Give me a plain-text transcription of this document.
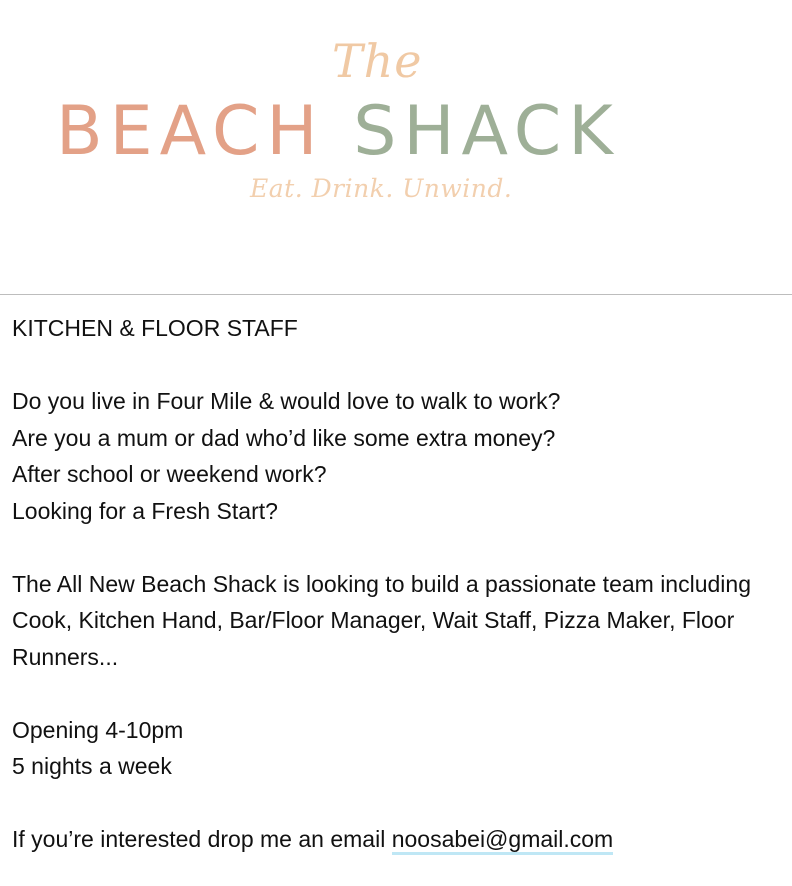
The
BEACH SHACK
Eat. Drink. Unwind.

KITCHEN & FLOOR STAFF

Do you live in Four Mile & would love to walk to work?

Are you a mum or dad who’d like some extra money?

After school or weekend work?

Looking for a Fresh Start?

The All New Beach Shack is looking to build a passionate team including Cook, Kitchen Hand, Bar/Floor Manager, Wait Staff, Pizza Maker, Floor Runners...

Opening 4-10pm

5 nights a week

If you’re interested drop me an email noosabei@gmail.com
